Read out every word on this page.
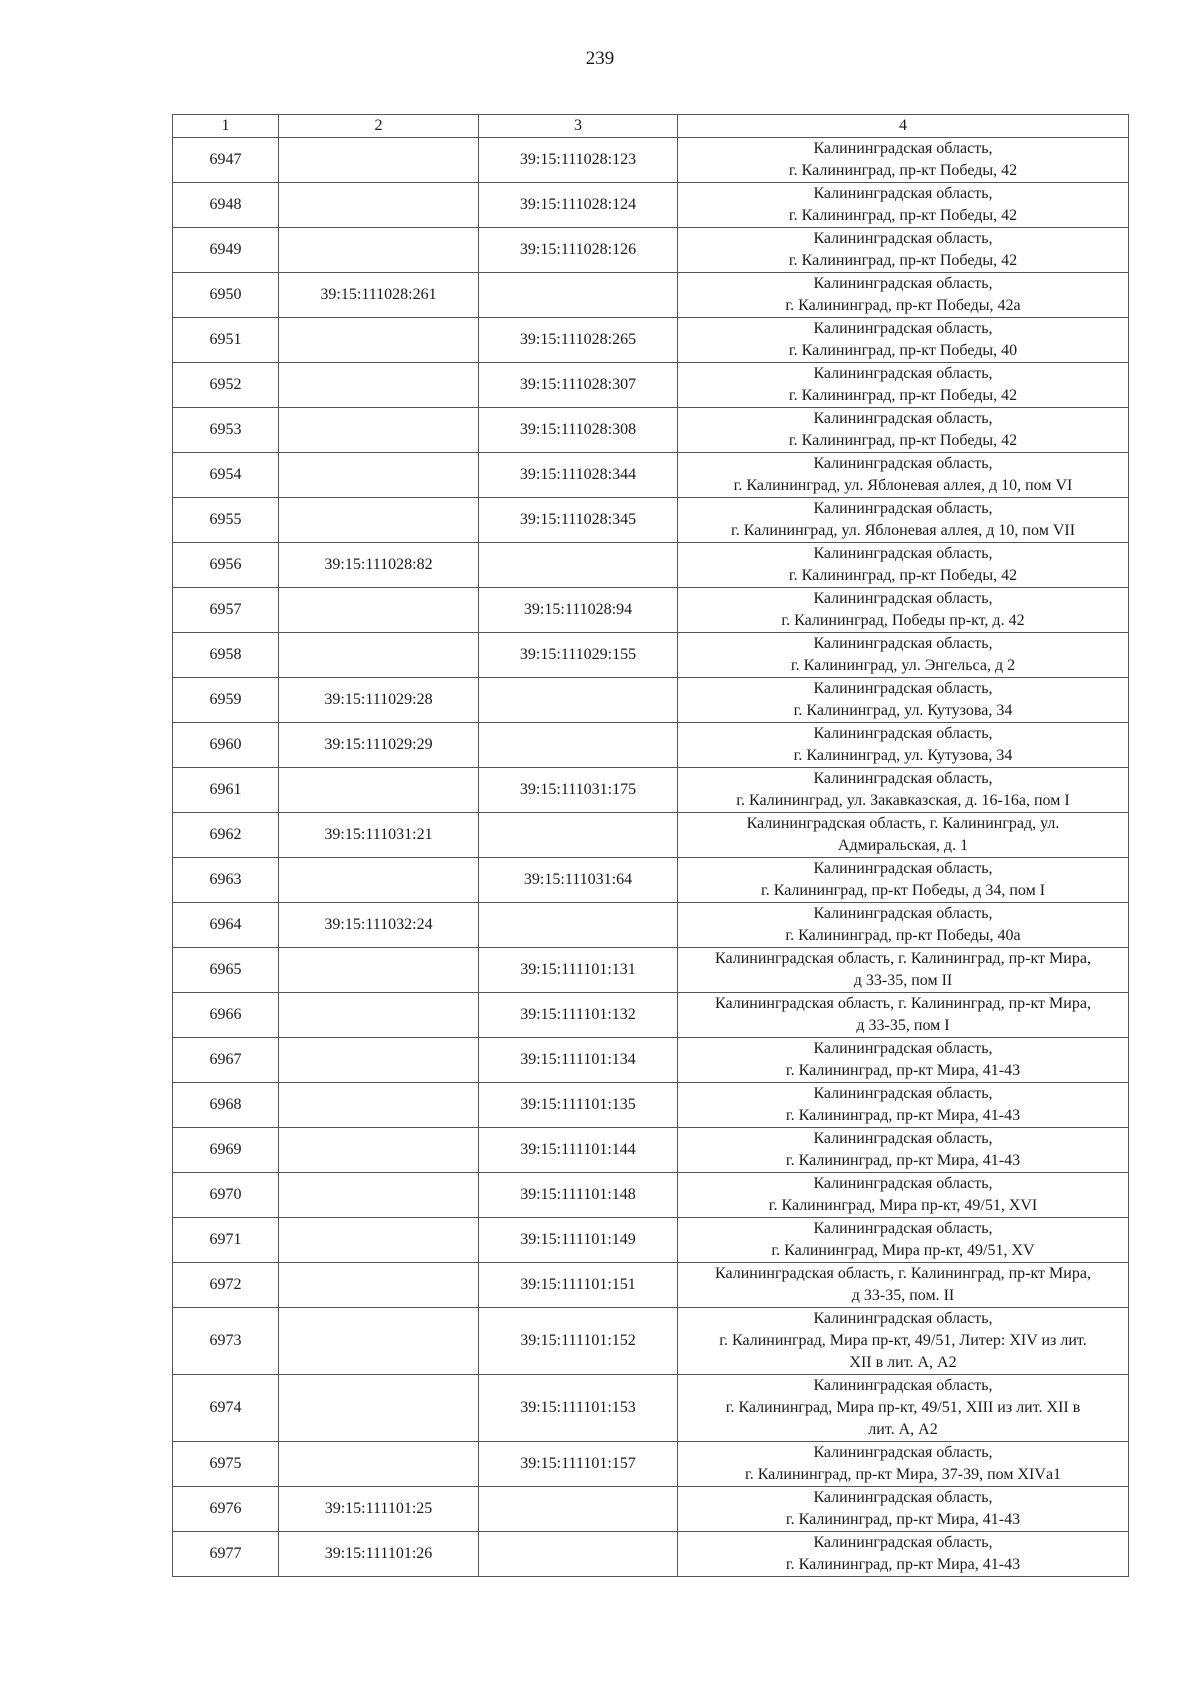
239
1	2	3	4
6947		39:15:111028:123	Калининградская область,
г. Калининград, пр-кт Победы, 42

6948		39:15:111028:124	Калининградская область,
г. Калининград, пр-кт Победы, 42

6949		39:15:111028:126	Калининградская область,
г. Калининград, пр-кт Победы, 42

6950	39:15:111028:261		Калининградская область,
г. Калининград, пр-кт Победы, 42а

6951		39:15:111028:265	Калининградская область,
г. Калининград, пр-кт Победы, 40

6952		39:15:111028:307	Калининградская область,
г. Калининград, пр-кт Победы, 42

6953		39:15:111028:308	Калининградская область,
г. Калининград, пр-кт Победы, 42

6954		39:15:111028:344	Калининградская область,
г. Калининград, ул. Яблоневая аллея, д 10, пом VI

6955		39:15:111028:345	Калининградская область,
г. Калининград, ул. Яблоневая аллея, д 10, пом VII

6956	39:15:111028:82		Калининградская область,
г. Калининград, пр-кт Победы, 42

6957		39:15:111028:94	Калининградская область,
г. Калининград, Победы пр-кт, д. 42

6958		39:15:111029:155	Калининградская область,
г. Калининград, ул. Энгельса, д 2

6959	39:15:111029:28		Калининградская область,
г. Калининград, ул. Кутузова, 34

6960	39:15:111029:29		Калининградская область,
г. Калининград, ул. Кутузова, 34

6961		39:15:111031:175	Калининградская область,
г. Калининград, ул. Закавказская, д. 16-16а, пом I

6962	39:15:111031:21		Калининградская область, г. Калининград, ул.
Адмиральская, д. 1

6963		39:15:111031:64	Калининградская область,
г. Калининград, пр-кт Победы, д 34, пом I

6964	39:15:111032:24		Калининградская область,
г. Калининград, пр-кт Победы, 40а

6965		39:15:111101:131	Калининградская область, г. Калининград, пр-кт Мира,
д 33-35, пом II

6966		39:15:111101:132	Калининградская область, г. Калининград, пр-кт Мира,
д 33-35, пом I

6967		39:15:111101:134	Калининградская область,
г. Калининград, пр-кт Мира, 41-43

6968		39:15:111101:135	Калининградская область,
г. Калининград, пр-кт Мира, 41-43

6969		39:15:111101:144	Калининградская область,
г. Калининград, пр-кт Мира, 41-43

6970		39:15:111101:148	Калининградская область,
г. Калининград, Мира пр-кт, 49/51, XVI

6971		39:15:111101:149	Калининградская область,
г. Калининград, Мира пр-кт, 49/51, XV

6972		39:15:111101:151	Калининградская область, г. Калининград, пр-кт Мира,
д 33-35, пом. II

6973		39:15:111101:152	Калининградская область,
г. Калининград, Мира пр-кт, 49/51, Литер: XIV из лит.
XII в лит. А, А2

6974		39:15:111101:153	Калининградская область,
г. Калининград, Мира пр-кт, 49/51, XIII из лит. XII в
лит. А, А2

6975		39:15:111101:157	Калининградская область,
г. Калининград, пр-кт Мира, 37-39, пом XIVа1

6976	39:15:111101:25		Калининградская область,
г. Калининград, пр-кт Мира, 41-43

6977	39:15:111101:26		Калининградская область,
г. Калининград, пр-кт Мира, 41-43
